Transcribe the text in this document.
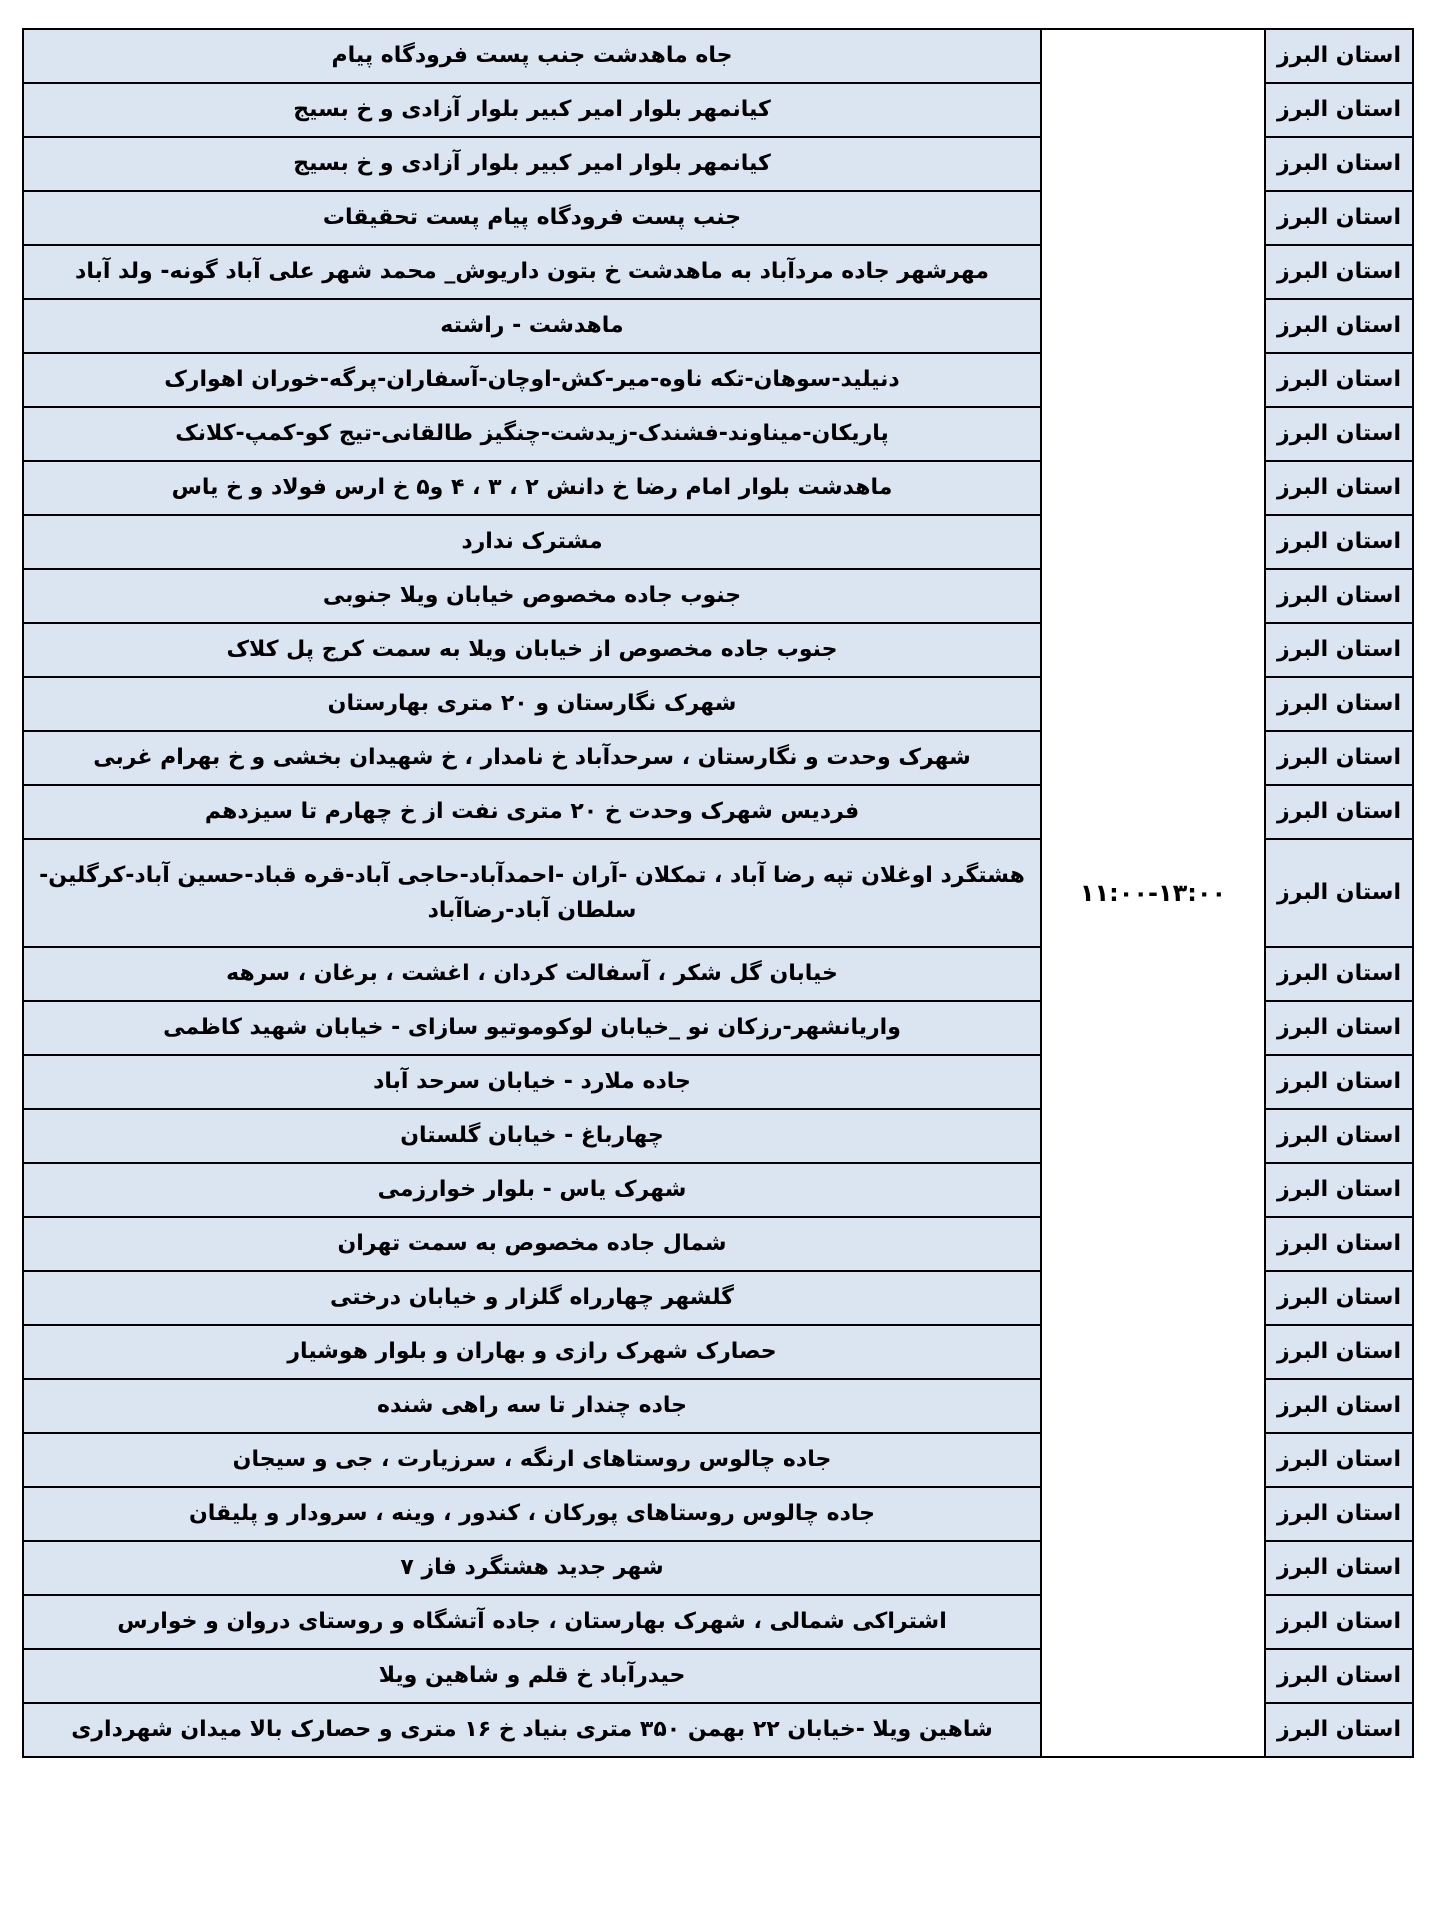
استان البرز	۱۱:۰۰-۱۳:۰۰	جاه ماهدشت جنب پست فرودگاه پیام
استان البرز		کیانمهر بلوار امیر کبیر بلوار آزادی و خ بسیج
استان البرز		کیانمهر بلوار امیر کبیر بلوار آزادی و خ بسیج
استان البرز		جنب پست فرودگاه پیام پست تحقیقات
استان البرز		مهرشهر جاده مردآباد به ماهدشت خ بتون داریوش_ محمد شهر علی آباد گونه- ولد آباد
استان البرز		ماهدشت - راشته
استان البرز		دنیلید-سوهان-تکه ناوه-میر-کش-اوچان-آسفاران-پرگه-خوران اهوارک
استان البرز		پاریکان-میناوند-فشندک-زیدشت-چنگیز طالقانی-تیج کو-کمپ-کلانک
استان البرز		ماهدشت بلوار امام رضا خ دانش ۲ ، ۳ ، ۴ و۵ خ ارس فولاد و خ یاس
استان البرز		مشترک ندارد
استان البرز		جنوب جاده مخصوص خیابان ویلا جنوبی
استان البرز		جنوب جاده مخصوص از خیابان ویلا به سمت کرج پل کلاک
استان البرز		شهرک نگارستان و ۲۰ متری بهارستان
استان البرز		شهرک وحدت و نگارستان ، سرحدآباد خ نامدار ، خ شهیدان بخشی و خ بهرام غربی
استان البرز		فردیس شهرک وحدت خ ۲۰ متری نفت از خ چهارم تا سیزدهم
استان البرز		هشتگرد اوغلان تپه رضا آباد ، تمکلان -آران -احمدآباد-حاجی آباد-قره قباد-حسین آباد-کرگلین-سلطان آباد-رضاآباد
استان البرز		خیابان گل شکر ، آسفالت کردان ، اغشت ، برغان ، سرهه
استان البرز		واریانشهر-رزکان نو _خیابان لوکوموتیو سازای - خیابان شهید کاظمی
استان البرز		جاده ملارد - خیابان سرحد آباد
استان البرز		چهارباغ - خیابان گلستان
استان البرز		شهرک یاس - بلوار خوارزمی
استان البرز		شمال جاده مخصوص به سمت تهران
استان البرز		گلشهر چهارراه گلزار و خیابان درختی
استان البرز		حصارک شهرک رازی و بهاران و بلوار هوشیار
استان البرز		جاده چندار تا سه راهی شنده
استان البرز		جاده چالوس روستاهای ارنگه ، سرزیارت ، جی و سیجان
استان البرز		جاده چالوس روستاهای پورکان ، کندور ، وینه ، سرودار و پلیقان
استان البرز		شهر جدید هشتگرد فاز ۷
استان البرز		اشتراکی شمالی ، شهرک بهارستان ، جاده آتشگاه و روستای دروان و خوارس
استان البرز		حیدرآباد خ قلم و شاهین ویلا
استان البرز		شاهین ویلا -خیابان ۲۲ بهمن ۳۵۰ متری بنیاد خ ۱۶ متری و حصارک بالا میدان شهرداری
